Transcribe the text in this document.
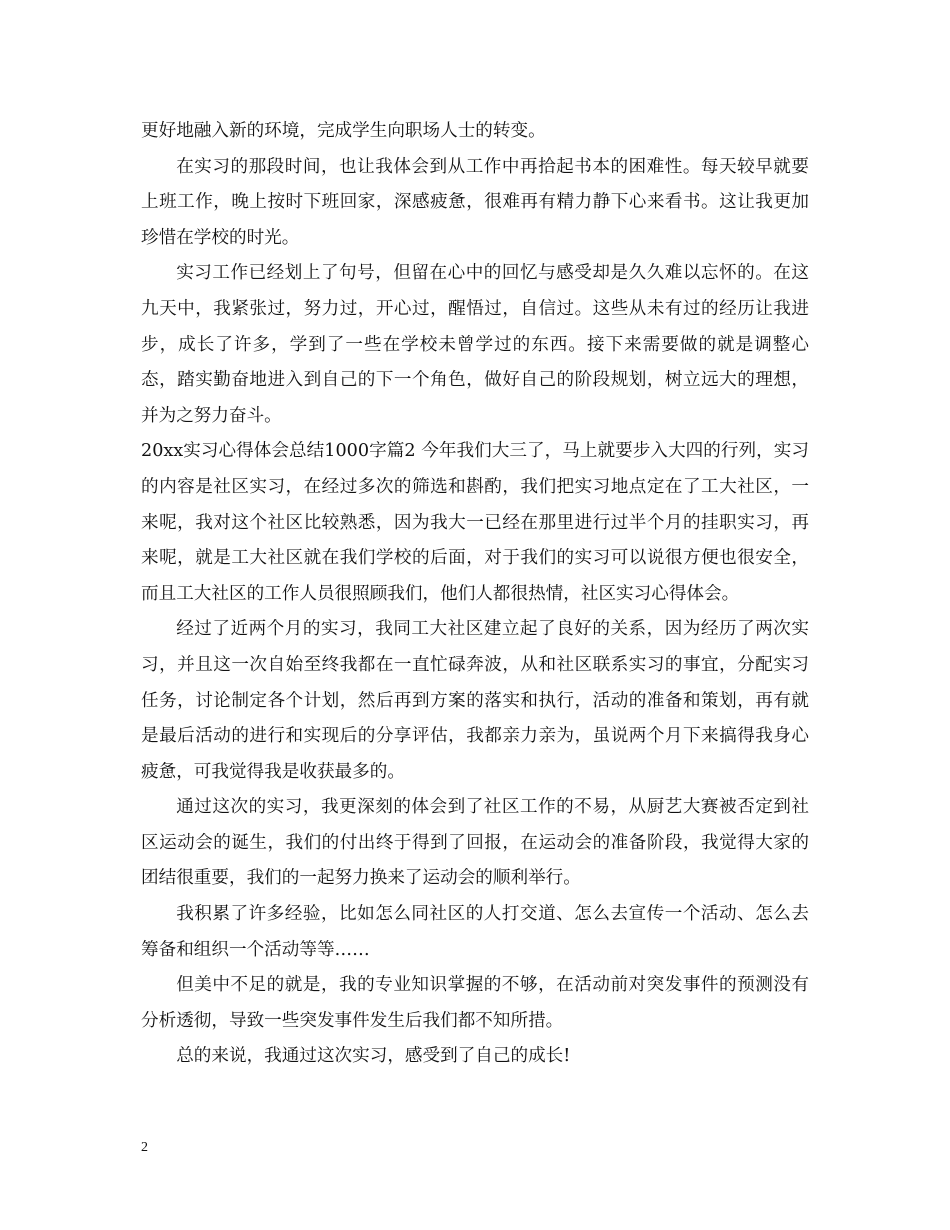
更好地融入新的环境，完成学生向职场人士的转变。

在实习的那段时间，也让我体会到从工作中再拾起书本的困难性。每天较早就要上班工作，晚上按时下班回家，深感疲惫，很难再有精力静下心来看书。这让我更加珍惜在学校的时光。

实习工作已经划上了句号，但留在心中的回忆与感受却是久久难以忘怀的。在这九天中，我紧张过，努力过，开心过，醒悟过，自信过。这些从未有过的经历让我进步，成长了许多，学到了一些在学校未曾学过的东西。接下来需要做的就是调整心态，踏实勤奋地进入到自己的下一个角色，做好自己的阶段规划，树立远大的理想，并为之努力奋斗。

20xx实习心得体会总结1000字篇2 今年我们大三了，马上就要步入大四的行列，实习的内容是社区实习，在经过多次的筛选和斟酌，我们把实习地点定在了工大社区，一来呢，我对这个社区比较熟悉，因为我大一已经在那里进行过半个月的挂职实习，再来呢，就是工大社区就在我们学校的后面，对于我们的实习可以说很方便也很安全，而且工大社区的工作人员很照顾我们，他们人都很热情，社区实习心得体会。

经过了近两个月的实习，我同工大社区建立起了良好的关系，因为经历了两次实习，并且这一次自始至终我都在一直忙碌奔波，从和社区联系实习的事宜，分配实习任务，讨论制定各个计划，然后再到方案的落实和执行，活动的准备和策划，再有就是最后活动的进行和实现后的分享评估，我都亲力亲为，虽说两个月下来搞得我身心疲惫，可我觉得我是收获最多的。

通过这次的实习，我更深刻的体会到了社区工作的不易，从厨艺大赛被否定到社区运动会的诞生，我们的付出终于得到了回报，在运动会的准备阶段，我觉得大家的团结很重要，我们的一起努力换来了运动会的顺利举行。

我积累了许多经验，比如怎么同社区的人打交道、怎么去宣传一个活动、怎么去筹备和组织一个活动等等……

但美中不足的就是，我的专业知识掌握的不够，在活动前对突发事件的预测没有分析透彻，导致一些突发事件发生后我们都不知所措。

总的来说，我通过这次实习，感受到了自己的成长!

2
